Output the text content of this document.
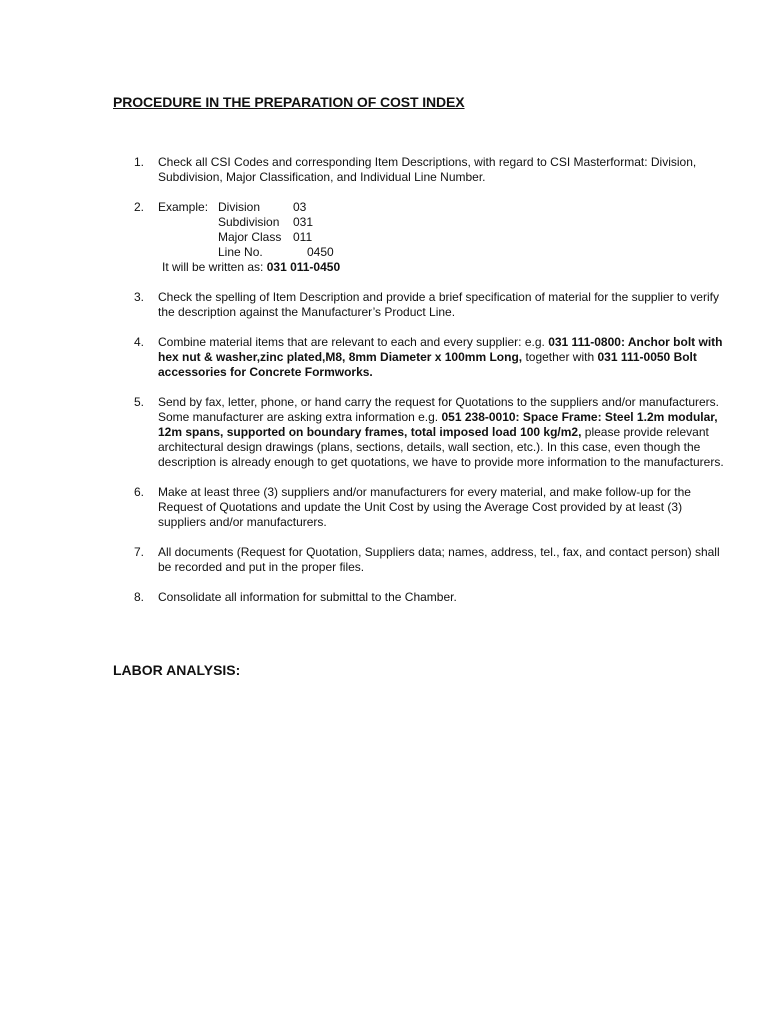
PROCEDURE IN THE PREPARATION OF COST INDEX
1. Check all CSI Codes and corresponding Item Descriptions, with regard to CSI Masterformat: Division, Subdivision, Major Classification, and Individual Line Number.
2. Example: Division	03
Subdivision	031
Major Class 011
Line No.	0450
It will be written as: 031 011-0450
3. Check the spelling of Item Description and provide a brief specification of material for the supplier to verify the description against the Manufacturer’s Product Line.
4. Combine material items that are relevant to each and every supplier: e.g. 031 111-0800: Anchor bolt with hex nut & washer,zinc plated,M8, 8mm Diameter x 100mm Long, together with 031 111-0050 Bolt accessories for Concrete Formworks.
5. Send by fax, letter, phone, or hand carry the request for Quotations to the suppliers and/or manufacturers. Some manufacturer are asking extra information e.g. 051 238-0010: Space Frame: Steel 1.2m modular, 12m spans, supported on boundary frames, total imposed load 100 kg/m2, please provide relevant architectural design drawings (plans, sections, details, wall section, etc.). In this case, even though the description is already enough to get quotations, we have to provide more information to the manufacturers.
6. Make at least three (3) suppliers and/or manufacturers for every material, and make follow-up for the Request of Quotations and update the Unit Cost by using the Average Cost provided by at least (3) suppliers and/or manufacturers.
7. All documents (Request for Quotation, Suppliers data; names, address, tel., fax, and contact person) shall be recorded and put in the proper files.
8. Consolidate all information for submittal to the Chamber.
LABOR ANALYSIS:
